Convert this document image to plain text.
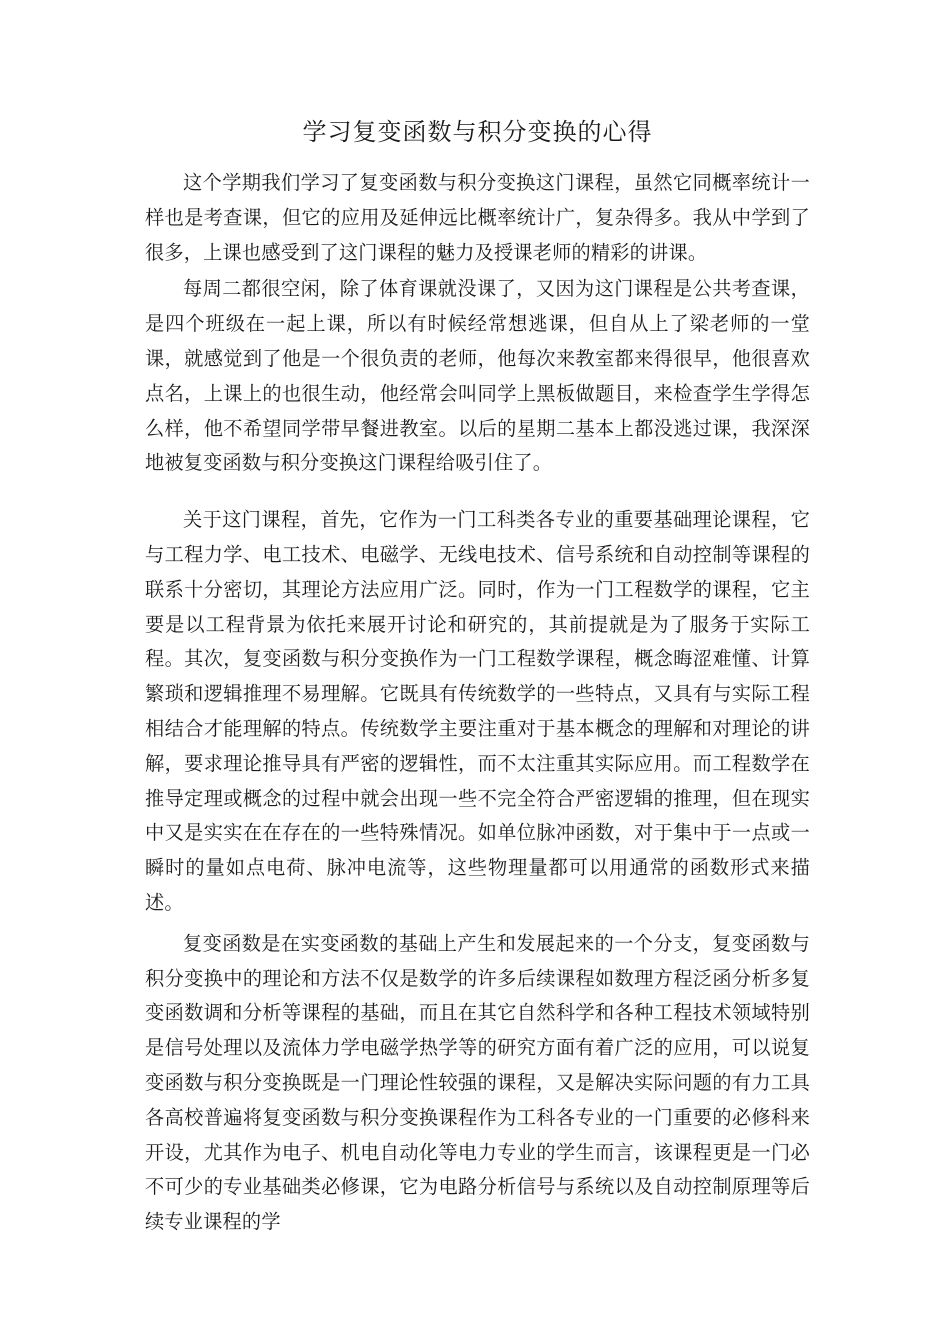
学习复变函数与积分变换的心得

这个学期我们学习了复变函数与积分变换这门课程，虽然它同概率统计一样也是考查课，但它的应用及延伸远比概率统计广，复杂得多。我从中学到了很多，上课也感受到了这门课程的魅力及授课老师的精彩的讲课。

每周二都很空闲，除了体育课就没课了，又因为这门课程是公共考查课，是四个班级在一起上课，所以有时候经常想逃课，但自从上了梁老师的一堂课，就感觉到了他是一个很负责的老师，他每次来教室都来得很早，他很喜欢点名，上课上的也很生动，他经常会叫同学上黑板做题目，来检查学生学得怎么样，他不希望同学带早餐进教室。以后的星期二基本上都没逃过课，我深深地被复变函数与积分变换这门课程给吸引住了。

关于这门课程，首先，它作为一门工科类各专业的重要基础理论课程，它与工程力学、电工技术、电磁学、无线电技术、信号系统和自动控制等课程的联系十分密切，其理论方法应用广泛。同时，作为一门工程数学的课程，它主要是以工程背景为依托来展开讨论和研究的，其前提就是为了服务于实际工程。其次，复变函数与积分变换作为一门工程数学课程，概念晦涩难懂、计算繁琐和逻辑推理不易理解。它既具有传统数学的一些特点，又具有与实际工程相结合才能理解的特点。传统数学主要注重对于基本概念的理解和对理论的讲解，要求理论推导具有严密的逻辑性，而不太注重其实际应用。而工程数学在推导定理或概念的过程中就会出现一些不完全符合严密逻辑的推理，但在现实中又是实实在在存在的一些特殊情况。如单位脉冲函数，对于集中于一点或一瞬时的量如点电荷、脉冲电流等，这些物理量都可以用通常的函数形式来描述。

复变函数是在实变函数的基础上产生和发展起来的一个分支，复变函数与积分变换中的理论和方法不仅是数学的许多后续课程如数理方程泛函分析多复变函数调和分析等课程的基础，而且在其它自然科学和各种工程技术领域特别是信号处理以及流体力学电磁学热学等的研究方面有着广泛的应用，可以说复变函数与积分变换既是一门理论性较强的课程，又是解决实际问题的有力工具各高校普遍将复变函数与积分变换课程作为工科各专业的一门重要的必修科来开设，尤其作为电子、机电自动化等电力专业的学生而言，该课程更是一门必不可少的专业基础类必修课，它为电路分析信号与系统以及自动控制原理等后续专业课程的学
